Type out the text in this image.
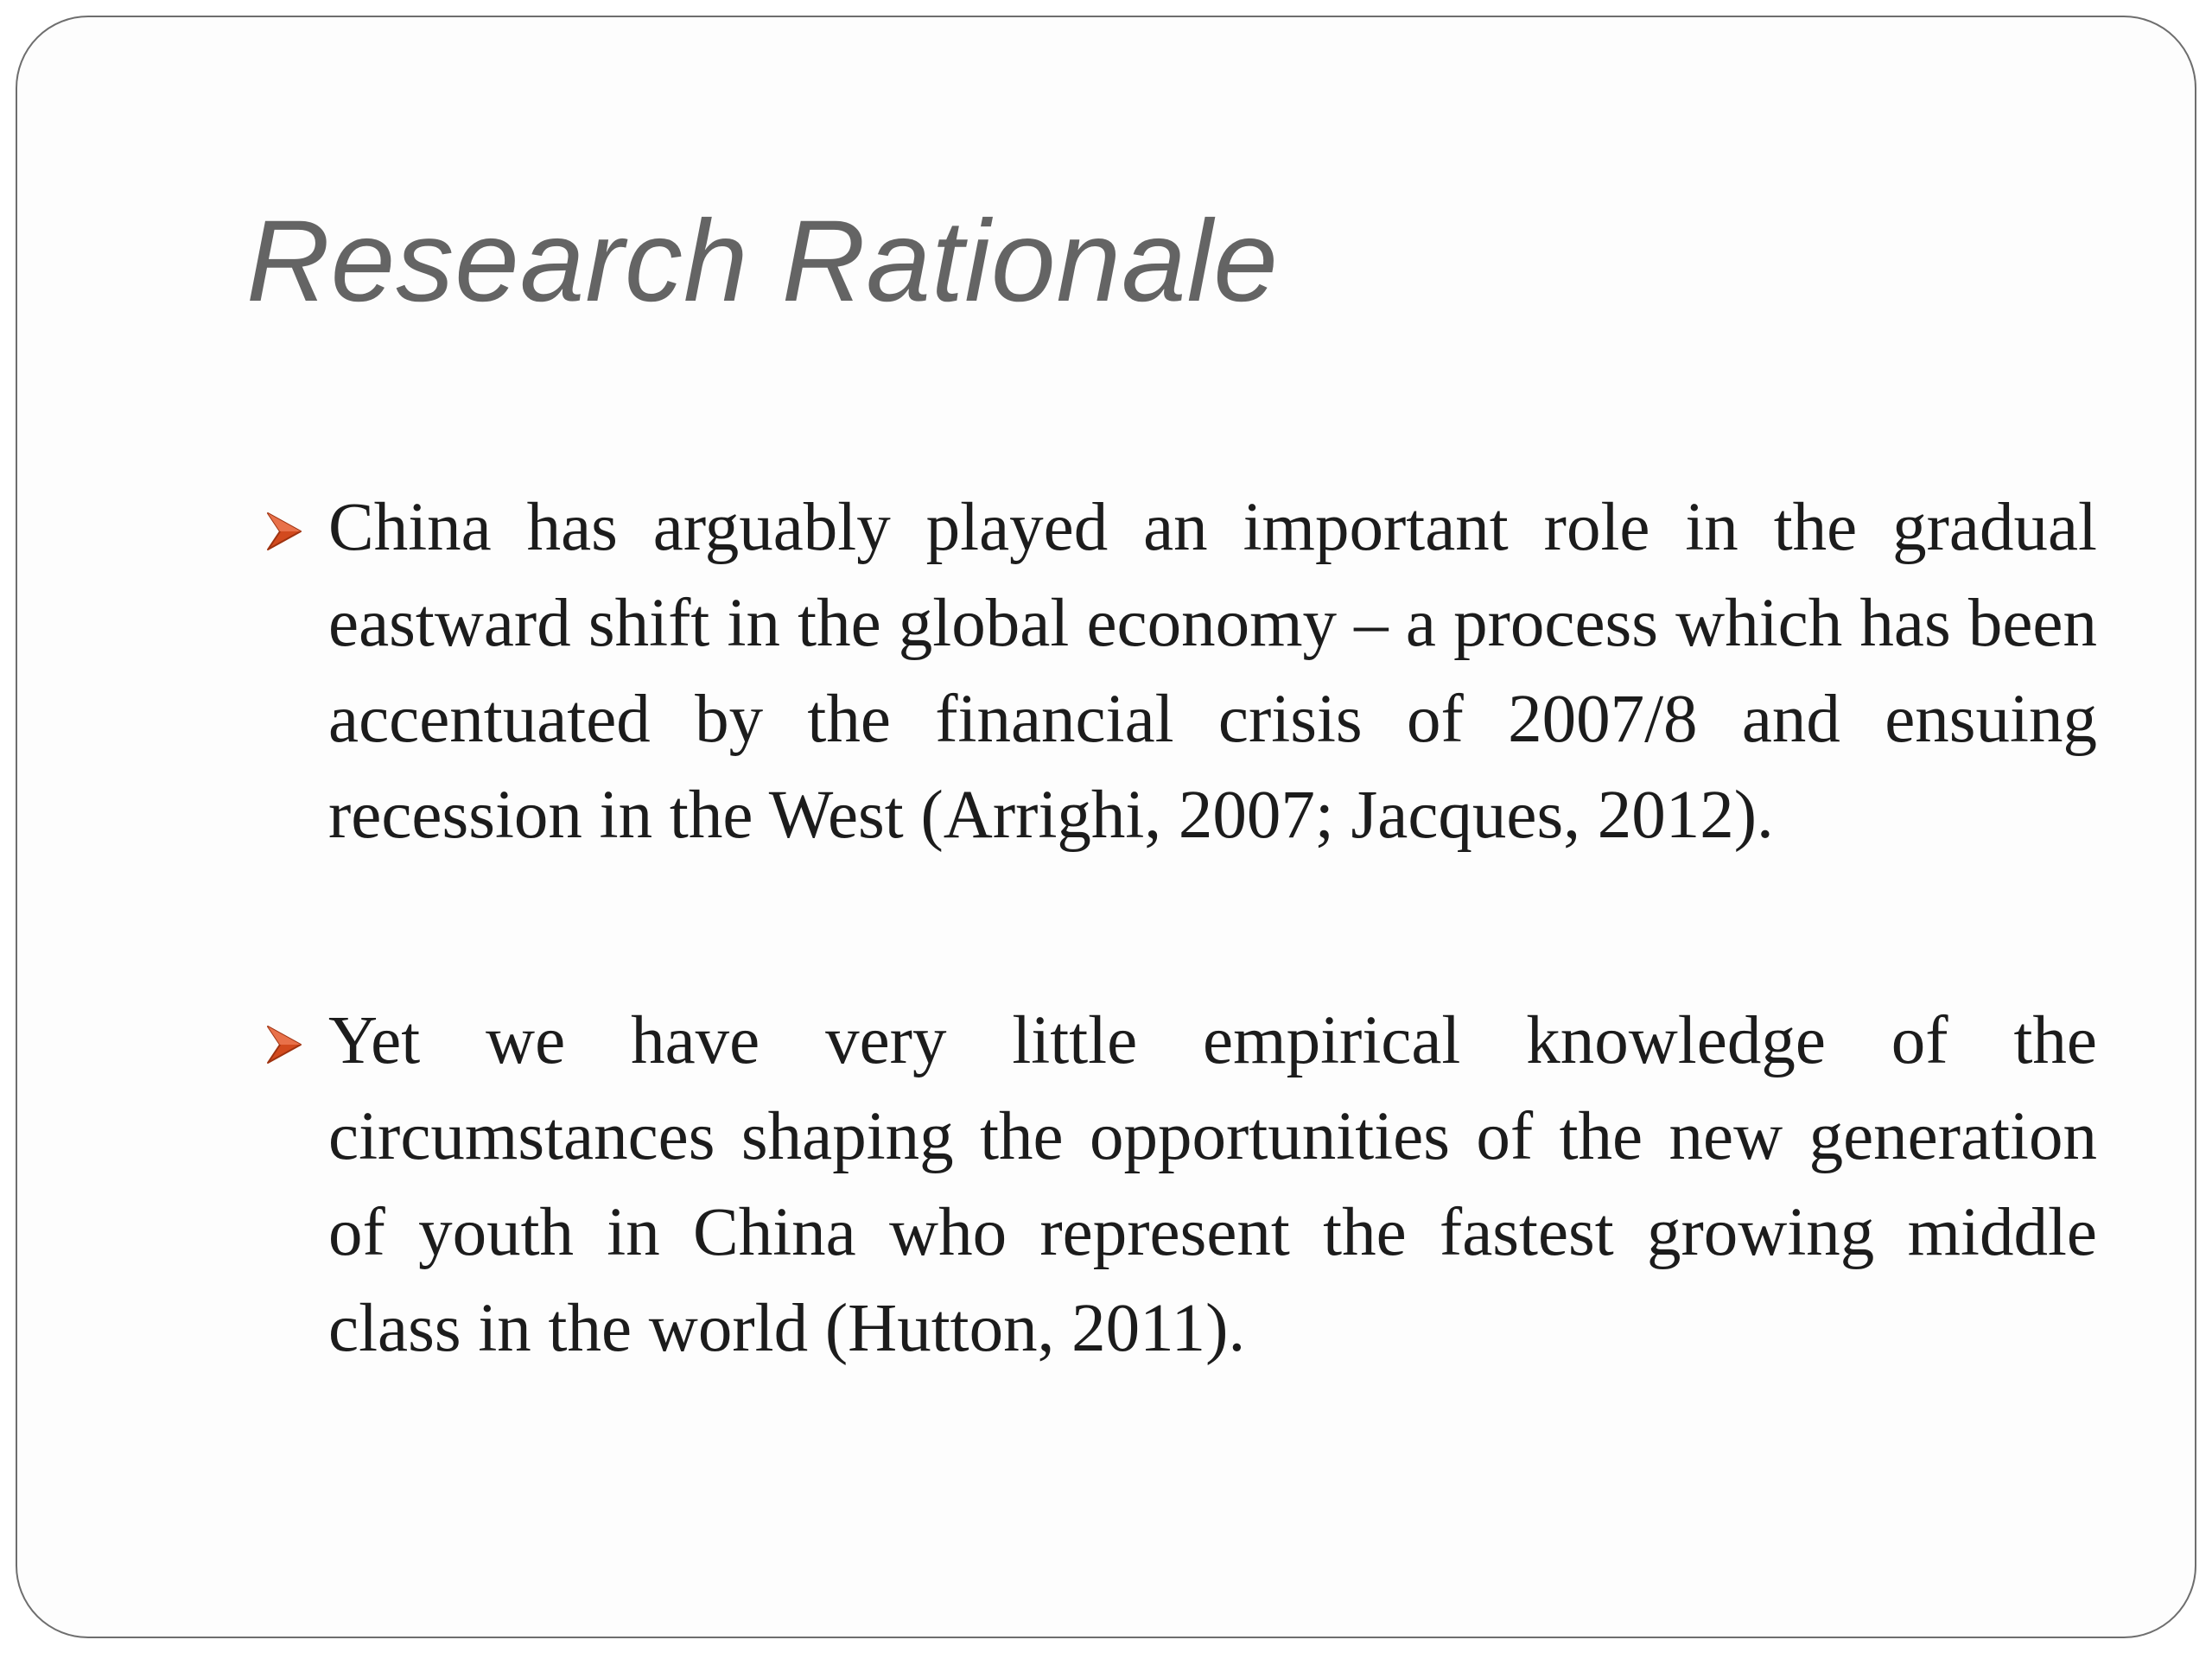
Research Rationale
China has arguably played an important role in the gradual eastward shift in the global economy – a process which has been accentuated by the financial crisis of 2007/8 and ensuing recession in the West (Arrighi, 2007; Jacques, 2012).
Yet we have very little empirical knowledge of the circumstances shaping the opportunities of the new generation of youth in China who represent the fastest growing middle class in the world (Hutton, 2011).
